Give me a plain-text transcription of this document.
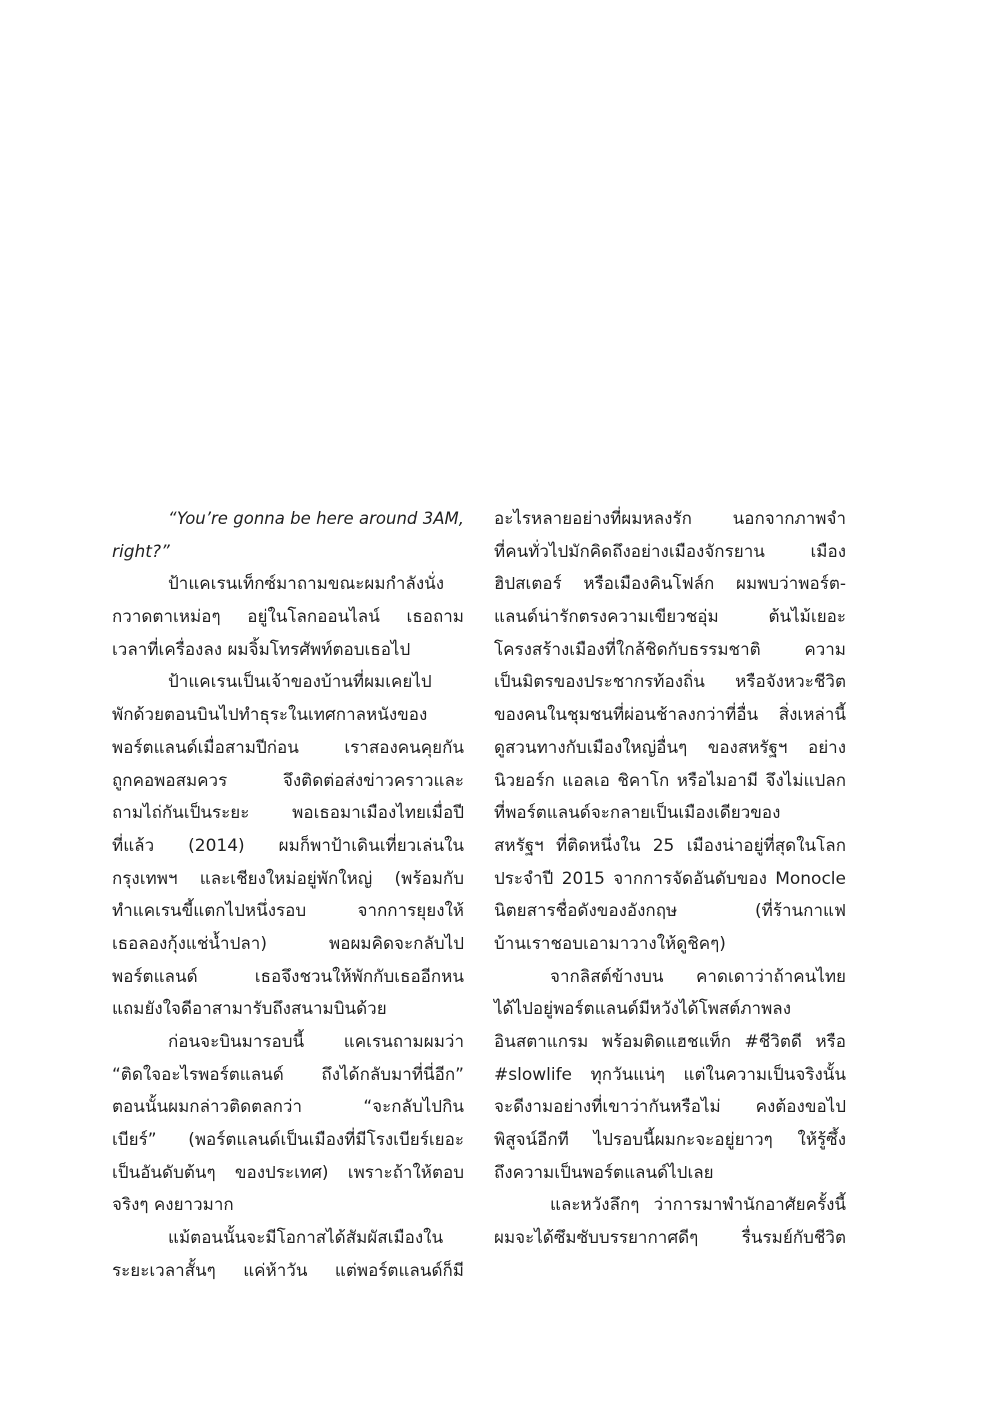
“You’re gonna be here around 3AM,
right?”
ป้าแคเรนเท็กซ์มาถามขณะผมกำลังนั่ง
กวาดตาเหม่อๆ อยู่ในโลกออนไลน์ เธอถาม
เวลาที่เครื่องลง ผมจิ้มโทรศัพท์ตอบเธอไป
ป้าแคเรนเป็นเจ้าของบ้านที่ผมเคยไป
พักด้วยตอนบินไปทำธุระในเทศกาลหนังของ
พอร์ตแลนด์เมื่อสามปีก่อน เราสองคนคุยกัน
ถูกคอพอสมควร จึงติดต่อส่งข่าวคราวและ
ถามไถ่กันเป็นระยะ พอเธอมาเมืองไทยเมื่อปี
ที่แล้ว (2014) ผมก็พาป้าเดินเที่ยวเล่นใน
กรุงเทพฯ และเชียงใหม่อยู่พักใหญ่ (พร้อมกับ
ทำแคเรนขี้แตกไปหนึ่งรอบ จากการยุยงให้
เธอลองกุ้งแช่น้ำปลา) พอผมคิดจะกลับไป
พอร์ตแลนด์ เธอจึงชวนให้พักกับเธออีกหน
แถมยังใจดีอาสามารับถึงสนามบินด้วย
ก่อนจะบินมารอบนี้ แคเรนถามผมว่า
“ติดใจอะไรพอร์ตแลนด์ ถึงได้กลับมาที่นี่อีก”
ตอนนั้นผมกล่าวติดตลกว่า “จะกลับไปกิน
เบียร์” (พอร์ตแลนด์เป็นเมืองที่มีโรงเบียร์เยอะ
เป็นอันดับต้นๆ ของประเทศ) เพราะถ้าให้ตอบ
จริงๆ คงยาวมาก
แม้ตอนนั้นจะมีโอกาสได้สัมผัสเมืองใน
ระยะเวลาสั้นๆ แค่ห้าวัน แต่พอร์ตแลนด์ก็มี
อะไรหลายอย่างที่ผมหลงรัก นอกจากภาพจำ
ที่คนทั่วไปมักคิดถึงอย่างเมืองจักรยาน เมือง
ฮิปสเตอร์ หรือเมืองคินโฟล์ก ผมพบว่าพอร์ต-
แลนด์น่ารักตรงความเขียวชอุ่ม ต้นไม้เยอะ
โครงสร้างเมืองที่ใกล้ชิดกับธรรมชาติ ความ
เป็นมิตรของประชากรท้องถิ่น หรือจังหวะชีวิต
ของคนในชุมชนที่ผ่อนช้าลงกว่าที่อื่น สิ่งเหล่านี้
ดูสวนทางกับเมืองใหญ่อื่นๆ ของสหรัฐฯ อย่าง
นิวยอร์ก แอลเอ ชิคาโก หรือไมอามี จึงไม่แปลก
ที่พอร์ตแลนด์จะกลายเป็นเมืองเดียวของ
สหรัฐฯ ที่ติดหนึ่งใน 25 เมืองน่าอยู่ที่สุดในโลก
ประจำปี 2015 จากการจัดอันดับของ Monocle
นิตยสารชื่อดังของอังกฤษ (ที่ร้านกาแฟ
บ้านเราชอบเอามาวางให้ดูชิคๆ)
จากลิสต์ข้างบน คาดเดาว่าถ้าคนไทย
ได้ไปอยู่พอร์ตแลนด์มีหวังได้โพสต์ภาพลง
อินสตาแกรม พร้อมติดแฮชแท็ก #ชีวิตดี หรือ
#slowlife ทุกวันแน่ๆ แต่ในความเป็นจริงนั้น
จะดีงามอย่างที่เขาว่ากันหรือไม่ คงต้องขอไป
พิสูจน์อีกที ไปรอบนี้ผมกะจะอยู่ยาวๆ ให้รู้ซึ้ง
ถึงความเป็นพอร์ตแลนด์ไปเลย
และหวังลึกๆ ว่าการมาพำนักอาศัยครั้งนี้
ผมจะได้ซึมซับบรรยากาศดีๆ รื่นรมย์กับชีวิต
